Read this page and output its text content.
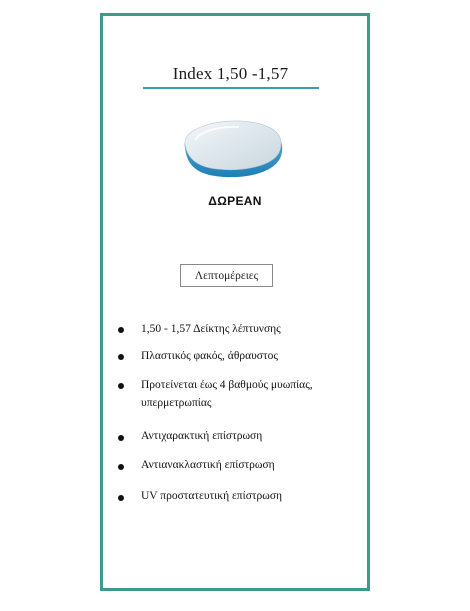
Index 1,50 -1,57
ΔΩΡΕΑΝ
Λεπτομέρειες
1,50 - 1,57 Δείκτης λέπτυνσης
Πλαστικός φακός, άθραυστος
Προτείνεται έως 4 βαθμούς μυωπίας,
υπερμετρωπίας
Αντιχαρακτική επίστρωση
Αντιανακλαστική επίστρωση
UV προστατευτική επίστρωση
